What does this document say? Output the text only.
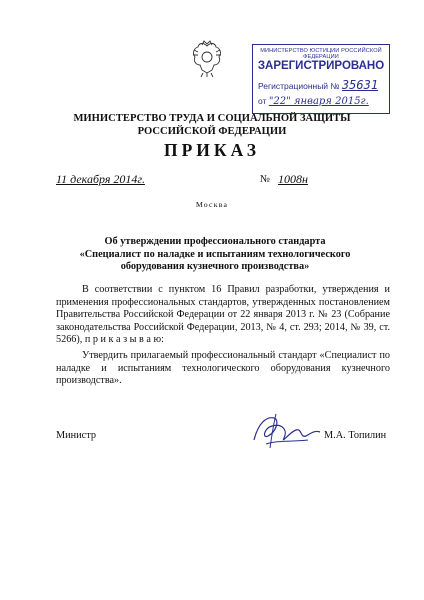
МИНИСТЕРСТВО ЮСТИЦИИ РОССИЙСКОЙ ФЕДЕРАЦИИ
ЗАРЕГИСТРИРОВАНО
Регистрационный № 35631
от "22" января 2015г.
МИНИСТЕРСТВО ТРУДА И СОЦИАЛЬНОЙ ЗАЩИТЫ
РОССИЙСКОЙ ФЕДЕРАЦИИ
ПРИКАЗ
11 декабря 2014г.	№ 1008н
Москва
Об утверждении профессионального стандарта
«Специалист по наладке и испытаниям технологического
оборудования кузнечного производства»
В соответствии с пунктом 16 Правил разработки, утверждения и применения профессиональных стандартов, утвержденных постановлением Правительства Российской Федерации от 22 января 2013 г. № 23 (Собрание законодательства Российской Федерации, 2013, № 4, ст. 293; 2014, № 39, ст. 5266), п р и к а з ы в а ю:
Утвердить прилагаемый профессиональный стандарт «Специалист по наладке и испытаниям технологического оборудования кузнечного производства».
Министр	М.А. Топилин
